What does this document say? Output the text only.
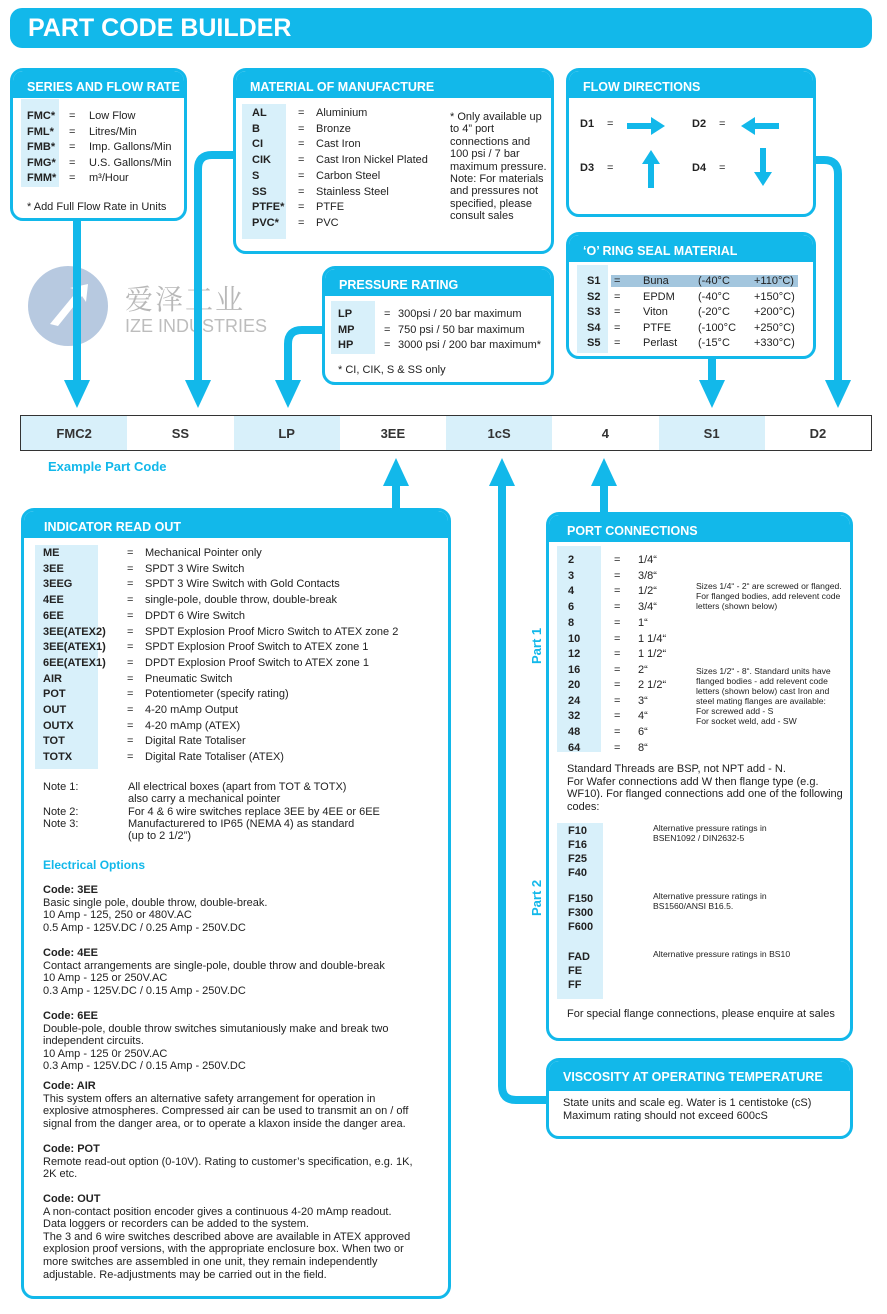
PART CODE BUILDER
爱泽工业
IZE INDUSTRIES
SERIES AND FLOW RATE
FMC* = Low Flow
FML* = Litres/Min
FMB* = Imp. Gallons/Min
FMG* = U.S. Gallons/Min
FMM* = m³/Hour
* Add Full Flow Rate in Units
MATERIAL OF MANUFACTURE
AL	= Aluminium
B	= Bronze
CI	= Cast Iron
CIK = Cast Iron Nickel Plated
S	= Carbon Steel
SS	= Stainless Steel
PTFE* = PTFE
PVC* = PVC
* Only available up to 4” port connections and 100 psi / 7 bar maximum pressure. Note: For materials and pressures not specified, please consult sales
FLOW DIRECTIONS
D1 =	D2 =
D3 =	D4 =
‘O’ RING SEAL MATERIAL
S1 = Buna	(-40°C +110°C)
S2 = EPDM (-40°C +150°C)
S3 = Viton	(-20°C +200°C)
S4 = PTFE (-100°C +250°C)
S5 = Perlast (-15°C +330°C)
PRESSURE RATING
LP	= 300psi / 20 bar maximum
MP	= 750 psi / 50 bar maximum
HP	= 3000 psi / 200 bar maximum*
* CI, CIK, S & SS only
FMC2	SS	LP	3EE	1cS	4	S1	D2
Example Part Code
INDICATOR READ OUT
ME	= Mechanical Pointer only
3EE	= SPDT 3 Wire Switch
3EEG	= SPDT 3 Wire Switch with Gold Contacts
4EE	= single-pole, double throw, double-break
6EE	= DPDT 6 Wire Switch
3EE(ATEX2) = SPDT Explosion Proof Micro Switch to ATEX zone 2
3EE(ATEX1) = SPDT Explosion Proof Switch to ATEX zone 1
6EE(ATEX1) = DPDT Explosion Proof Switch to ATEX zone 1
AIR	= Pneumatic Switch
POT	= Potentiometer (specify rating)
OUT	= 4-20 mAmp Output
OUTX	= 4-20 mAmp (ATEX)
TOT	= Digital Rate Totaliser
TOTX	= Digital Rate Totaliser (ATEX)
Note 1:	All electrical boxes (apart from TOT & TOTX)
also carry a mechanical pointer
Note 2:	For 4 & 6 wire switches replace 3EE by 4EE or 6EE
Note 3:	Manufacturered to IP65 (NEMA 4) as standard
(up to 2 1/2”)
Electrical Options
Code: 3EE
Basic single pole, double throw, double-break.
10 Amp - 125, 250 or 480V.AC
0.5 Amp - 125V.DC / 0.25 Amp - 250V.DC
Code: 4EE
Contact arrangements are single-pole, double throw and double-break
10 Amp - 125 or 250V.AC
0.3 Amp - 125V.DC / 0.15 Amp - 250V.DC
Code: 6EE
Double-pole, double throw switches simutaniously make and break two
independent circuits.
10 Amp - 125 0r 250V.AC
0.3 Amp - 125V.DC / 0.15 Amp - 250V.DC
Code: AIR
This system offers an alternative safety arrangement for operation in
explosive atmospheres. Compressed air can be used to transmit an on / off
signal from the danger area, or to operate a klaxon inside the danger area.
Code: POT
Remote read-out option (0-10V). Rating to customer’s specification, e.g. 1K,
2K etc.
Code: OUT
A non-contact position encoder gives a continuous 4-20 mAmp readout.
Data loggers or recorders can be added to the system.
The 3 and 6 wire switches described above are available in ATEX approved
explosion proof versions, with the appropriate enclosure box. When two or
more switches are assembled in one unit, they remain independently
adjustable. Re-adjustments may be carried out in the field.
PORT CONNECTIONS
2	= 1/4“
3	= 3/8“
4	= 1/2“
6	= 3/4“
8	= 1“
10	= 1 1/4“
12	= 1 1/2“
16	= 2“
20	= 2 1/2“
24	= 3“
32	= 4“
48	= 6“
64	= 8“
Sizes 1/4“ - 2“ are screwed or flanged. For flanged bodies, add relevent code letters (shown below)
Sizes 1/2“ - 8“. Standard units have flanged bodies - add relevent code letters (shown below) cast Iron and steel mating flanges are available: For screwed add - S
For socket weld, add - SW
Standard Threads are BSP, not NPT add - N.
For Wafer connections add W then flange type (e.g. WF10). For flanged connections add one of the following codes:
Alternative pressure ratings in
BSEN1092 / DIN2632-5
F10
F16
F25
F40
Alternative pressure ratings in
BS1560/ANSI B16.5.
F150
F300
F600
Alternative pressure ratings in BS10
FAD
FE
FF
For special flange connections, please enquire at sales
Part 1
Part 2
VISCOSITY AT OPERATING TEMPERATURE
State units and scale eg. Water is 1 centistoke (cS)
Maximum rating should not exceed 600cS
